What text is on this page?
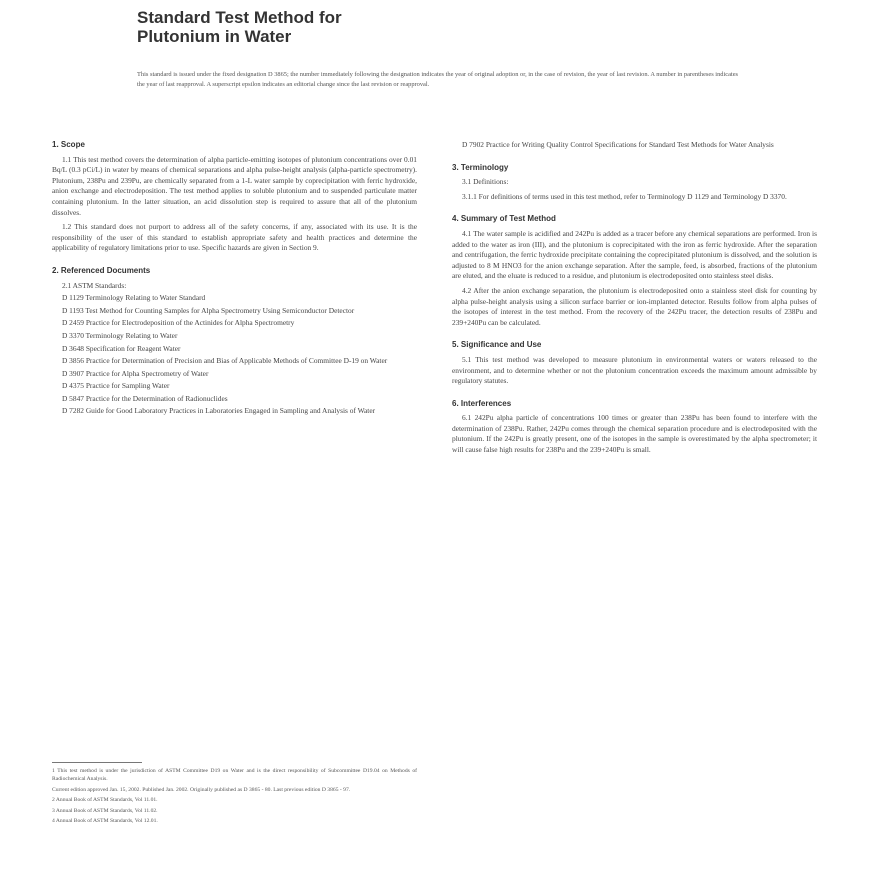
Standard Test Method for
Plutonium in Water
This standard is issued under the fixed designation D 3865; the number immediately following the designation indicates the year of original adoption or, in the case of revision, the year of last revision. A number in parentheses indicates the year of last reapproval. A superscript epsilon indicates an editorial change since the last revision or reapproval.
1. Scope

1.1 This test method covers the determination of alpha particle-emitting isotopes of plutonium concentrations over 0.01 Bq/L (0.3 pCi/L) in water by means of chemical separations and alpha pulse-height analysis (alpha-particle spectrometry). Plutonium, 238Pu and 239Pu, are chemically separated from a 1-L water sample by coprecipitation with ferric hydroxide, anion exchange and electrodeposition. The test method applies to soluble plutonium and to suspended particulate matter containing plutonium. In the latter situation, an acid dissolution step is required to assure that all of the plutonium dissolves.

1.2 This standard does not purport to address all of the safety concerns, if any, associated with its use. It is the responsibility of the user of this standard to establish appropriate safety and health practices and determine the applicability of regulatory limitations prior to use. Specific hazards are given in Section 9.

2. Referenced Documents
2.1 ASTM Standards:
D 1129 Terminology Relating to Water Standard
D 1193 Test Method for Counting Samples for Alpha Spectrometry Using Semiconductor Detector
D 2459 Practice for Electrodeposition of the Actinides for Alpha Spectrometry
D 3370 Terminology Relating to Water
D 3648 Specification for Reagent Water
D 3856 Practice for Determination of Precision and Bias of Applicable Methods of Committee D-19 on Water
D 3907 Practice for Alpha Spectrometry of Water
D 4375 Practice for Sampling Water
D 5847 Practice for the Determination of Radionuclides
D 7282 Guide for Good Laboratory Practices in Laboratories Engaged in Sampling and Analysis of Water
1 This test method is under the jurisdiction of ASTM Committee D19 on Water and is the direct responsibility of Subcommittee D19.04 on Methods of Radiochemical Analysis.
Current edition approved Jan. 15, 2002. Published Jan. 2002. Originally published as D 3865 - 80. Last previous edition D 3865 - 97.
2 Annual Book of ASTM Standards, Vol 11.01.
3 Annual Book of ASTM Standards, Vol 11.02.
4 Annual Book of ASTM Standards, Vol 12.01.
D 7902 Practice for Writing Quality Control Specifications for Standard Test Methods for Water Analysis
3. Terminology

3.1 Definitions:

3.1.1 For definitions of terms used in this test method, refer to Terminology D 1129 and Terminology D 3370.

4. Summary of Test Method

4.1 The water sample is acidified and 242Pu is added as a tracer before any chemical separations are performed. Iron is added to the water as iron (III), and the plutonium is coprecipitated with the iron as ferric hydroxide. After the separation and centrifugation, the ferric hydroxide precipitate containing the coprecipitated plutonium is dissolved, and the solution is adjusted to 8 M HNO3 for the anion exchange separation. After the sample, feed, is absorbed, fractions of the plutonium are eluted, and the eluate is reduced to a residue, and plutonium is electrodeposited onto stainless steel disks.

4.2 After the anion exchange separation, the plutonium is electrodeposited onto a stainless steel disk for counting by alpha pulse-height analysis using a silicon surface barrier or ion-implanted detector. Results follow from alpha pulses of the isotopes of interest in the test method. From the recovery of the 242Pu tracer, the detection results of 238Pu and 239+240Pu can be calculated.

5. Significance and Use

5.1 This test method was developed to measure plutonium in environmental waters or waters released to the environment, and to determine whether or not the plutonium concentration exceeds the maximum amount admissible by regulatory statutes.

6. Interferences

6.1 242Pu alpha particle of concentrations 100 times or greater than 238Pu has been found to interfere with the determination of 238Pu. Rather, 242Pu comes through the chemical separation procedure and is electrodeposited with the plutonium. If the 242Pu is greatly present, one of the isotopes in the sample is overestimated by the alpha spectrometer; it will cause false high results for 238Pu and the 239+240Pu is small.
